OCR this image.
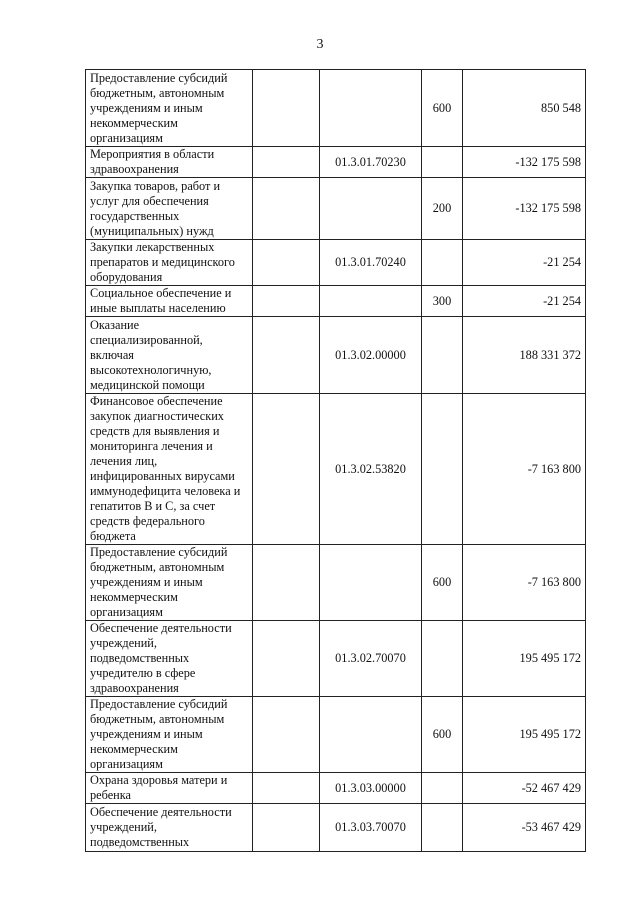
3
Предоставление субсидий бюджетным, автономным учреждениям и иным некоммерческим организациям			600	850 548
Мероприятия в области здравоохранения		01.3.01.70230		-132 175 598
Закупка товаров, работ и услуг для обеспечения государственных (муниципальных) нужд			200	-132 175 598
Закупки лекарственных препаратов и медицинского оборудования		01.3.01.70240		-21 254
Социальное обеспечение и иные выплаты населению			300	-21 254
Оказание специализированной, включая высокотехнологичную, медицинской помощи		01.3.02.00000		188 331 372
Финансовое обеспечение закупок диагностических средств для выявления и мониторинга лечения и лечения лиц, инфицированных вирусами иммунодефицита человека и гепатитов В и С, за счет средств федерального бюджета		01.3.02.53820		-7 163 800
Предоставление субсидий бюджетным, автономным учреждениям и иным некоммерческим организациям			600	-7 163 800
Обеспечение деятельности учреждений, подведомственных учредителю в сфере здравоохранения		01.3.02.70070		195 495 172
Предоставление субсидий бюджетным, автономным учреждениям и иным некоммерческим организациям			600	195 495 172
Охрана здоровья матери и ребенка		01.3.03.00000		-52 467 429
Обеспечение деятельности учреждений, подведомственных		01.3.03.70070		-53 467 429
